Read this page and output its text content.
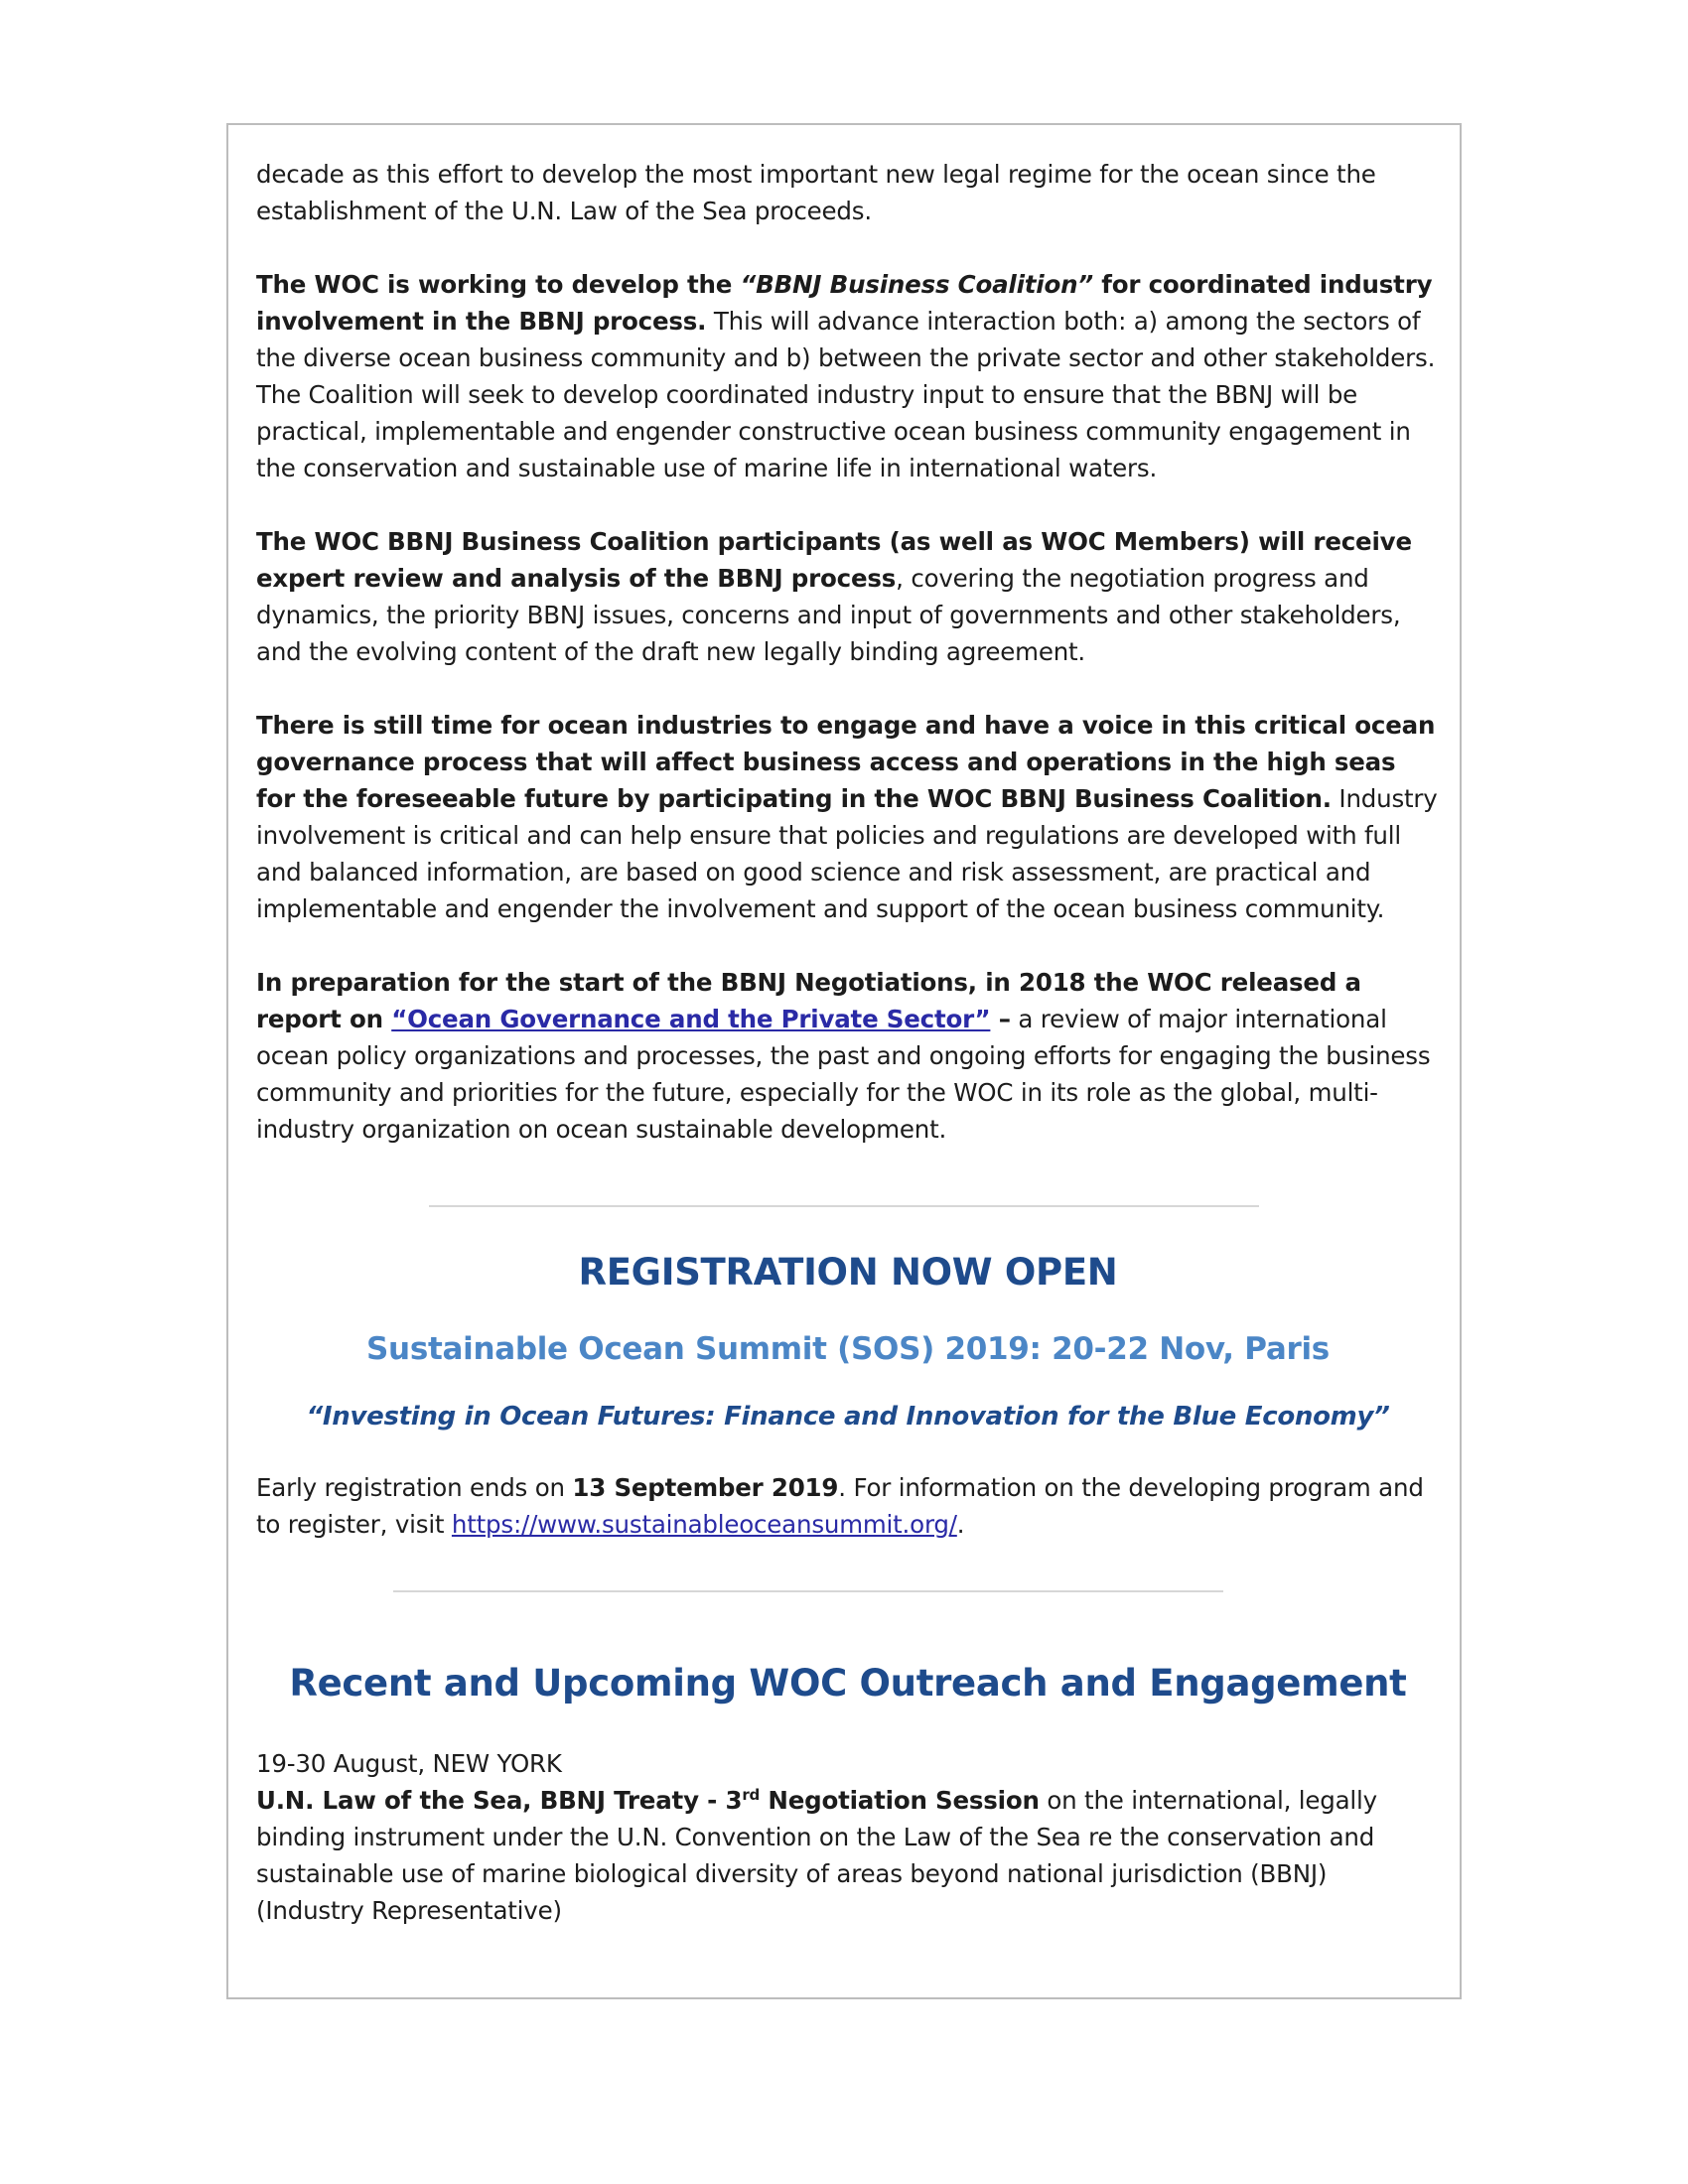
decade as this effort to develop the most important new legal regime for the ocean since the establishment of the U.N. Law of the Sea proceeds.

The WOC is working to develop the “BBNJ Business Coalition” for coordinated industry involvement in the BBNJ process. This will advance interaction both: a) among the sectors of the diverse ocean business community and b) between the private sector and other stakeholders. The Coalition will seek to develop coordinated industry input to ensure that the BBNJ will be practical, implementable and engender constructive ocean business community engagement in the conservation and sustainable use of marine life in international waters.

The WOC BBNJ Business Coalition participants (as well as WOC Members) will receive expert review and analysis of the BBNJ process, covering the negotiation progress and dynamics, the priority BBNJ issues, concerns and input of governments and other stakeholders, and the evolving content of the draft new legally binding agreement.

There is still time for ocean industries to engage and have a voice in this critical ocean governance process that will affect business access and operations in the high seas for the foreseeable future by participating in the WOC BBNJ Business Coalition. Industry involvement is critical and can help ensure that policies and regulations are developed with full and balanced information, are based on good science and risk assessment, are practical and implementable and engender the involvement and support of the ocean business community.

In preparation for the start of the BBNJ Negotiations, in 2018 the WOC released a report on “Ocean Governance and the Private Sector” – a review of major international ocean policy organizations and processes, the past and ongoing efforts for engaging the business community and priorities for the future, especially for the WOC in its role as the global, multi-industry organization on ocean sustainable development.

REGISTRATION NOW OPEN
Sustainable Ocean Summit (SOS) 2019: 20-22 Nov, Paris
“Investing in Ocean Futures: Finance and Innovation for the Blue Economy”

Early registration ends on 13 September 2019. For information on the developing program and to register, visit https://www.sustainableoceansummit.org/.

Recent and Upcoming WOC Outreach and Engagement

19-30 August, NEW YORK

U.N. Law of the Sea, BBNJ Treaty - 3rd Negotiation Session on the international, legally binding instrument under the U.N. Convention on the Law of the Sea re the conservation and sustainable use of marine biological diversity of areas beyond national jurisdiction (BBNJ) (Industry Representative)
